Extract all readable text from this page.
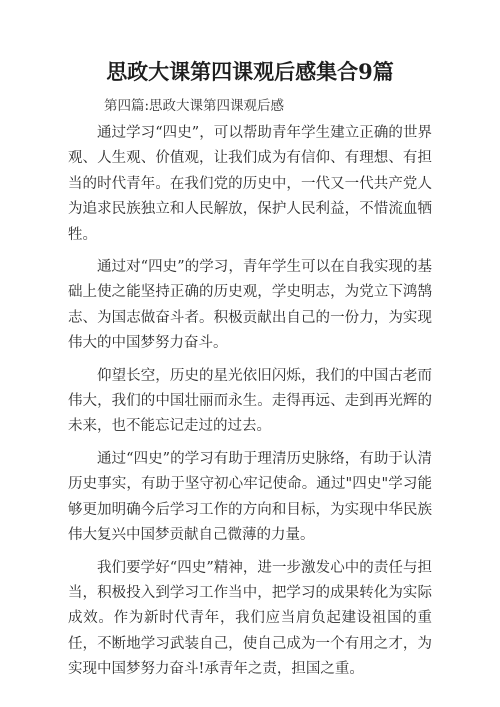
思政大课第四课观后感集合9篇
第四篇:思政大课第四课观后感

通过学习“四史”，可以帮助青年学生建立正确的世界观、人生观、价值观，让我们成为有信仰、有理想、有担当的时代青年。在我们党的历史中，一代又一代共产党人为追求民族独立和人民解放，保护人民利益，不惜流血牺牲。

通过对“四史”的学习，青年学生可以在自我实现的基础上使之能坚持正确的历史观，学史明志，为党立下鸿鹄志、为国志做奋斗者。积极贡献出自己的一份力，为实现伟大的中国梦努力奋斗。

仰望长空，历史的星光依旧闪烁，我们的中国古老而伟大，我们的中国壮丽而永生。走得再远、走到再光辉的未来，也不能忘记走过的过去。

通过“四史”的学习有助于理清历史脉络，有助于认清历史事实，有助于坚守初心牢记使命。通过"四史"学习能够更加明确今后学习工作的方向和目标，为实现中华民族伟大复兴中国梦贡献自己微薄的力量。

我们要学好“四史”精神，进一步激发心中的责任与担当，积极投入到学习工作当中，把学习的成果转化为实际成效。作为新时代青年，我们应当肩负起建设祖国的重任，不断地学习武装自己，使自己成为一个有用之才，为实现中国梦努力奋斗!承青年之责，担国之重。
